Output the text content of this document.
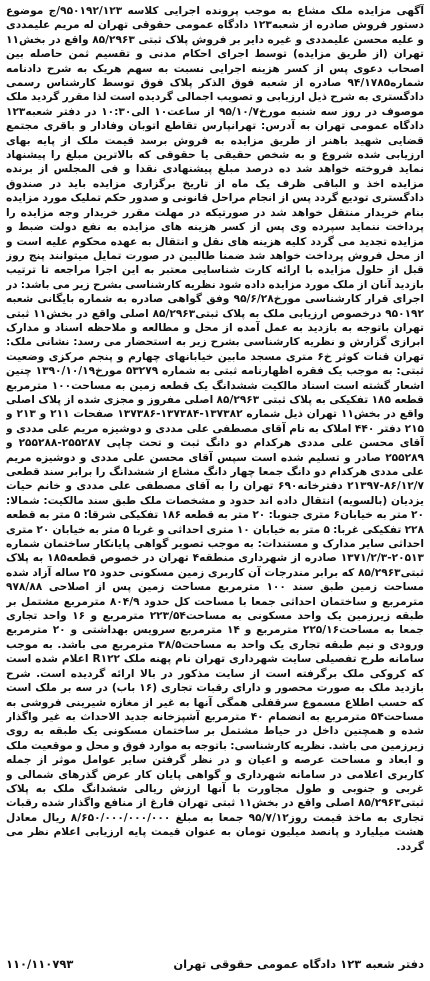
آگهی مزایده ملک مشاع به موجب پرونده اجرایی کلاسه ۹۵۰۱۹۲/۱۲۳/ج موضوع دستور فروش صادره از شعبه۱۲۳ دادگاه عمومی حقوقی تهران له مریم علیمددی و علیه محسن علیمددی و غیره دایر بر فروش پلاک ثبتی ۸۵/۲۹۶۳ واقع در بخش۱۱ تهران (از طریق مزایده) توسط اجرای احکام مدنی و تقسیم ثمن حاصله بین اصحاب دعوی پس از کسر هزینه اجرایی نسبت به سهم هریک به شرح دادنامه شماره۹۴/۱۷۸۵ صادره از شعبه فوق الذکر پلاک فوق توسط کارشناس رسمی دادگستری به شرح ذیل ارزیابی و تصویب اجمالی گردیده است لذا مقرر گردید ملک موصوف در روز سه شنبه مورخ۹۵/۱۰/۷ از ساعت۱۰ الی۱۰:۳۰ در دفتر شعبه۱۲۳ دادگاه عمومی تهران به آدرس: تهرانپارس تقاطع اتوبان وفادار و باقری مجتمع قضایی شهید باهنر از طریق مزایده به فروش برسد قیمت ملک از پایه بهای ارزیابی شده شروع و به شخص حقیقی یا حقوقی که بالاترین مبلغ را پیشنهاد نماید فروخته خواهد شد ده درصد مبلغ پیشنهادی نقدا و فی المجلس از برنده مزایده اخذ و الباقی ظرف یک ماه از تاریخ برگزاری مزایده باید در صندوق دادگستری تودیع گردد پس از انجام مراحل قانونی و صدور حکم تملیک مورد مزایده بنام خریدار منتقل خواهد شد در صورتیکه در مهلت مقرر خریدار وجه مزایده را پرداخت ننماید سپرده وی پس از کسر هزینه های مزایده به نفع دولت ضبط و مزایده تجدید می گردد کلیه هزینه های نقل و انتقال به عهده محکوم علیه است و از محل فروش پرداخت خواهد شد ضمنا طالبین در صورت تمایل میتوانند پنج روز قبل از حلول مزایده با ارائه کارت شناسایی معتبر به این اجرا مراجعه تا ترتیب بازدید آنان از ملک مورد مزایده داده شود نظریه کارشناسی بشرح زیر می باشد: در اجرای قرار کارشناسی مورخ۹۵/۶/۲۸ وفق گواهی صادره به شماره بایگانی شعبه ۹۵۰۱۹۲ درخصوص ارزیابی ملک به پلاک ثبتی۸۵/۲۹۶۳ اصلی واقع در بخش۱۱ ثبتی تهران باتوجه به بازدید به عمل آمده از محل و مطالعه و ملاحظه اسناد و مدارک ابرازی گزارش و نظریه کارشناسی بشرح زیر به استحضار می رسد: نشانی ملک: تهران قنات کوثر خ۶ متری مسجد مابین خیابانهای چهارم و پنجم مرکزی وضعیت ثبتی: به موجب یک فقره اظهارنامه ثبتی به شماره ۵۳۲۷۹ مورخ۱۳۹۰/۱۰/۱۹ چنین اشعار گشته است اسناد مالکیت ششدانگ یک قطعه زمین به مساحت۱۰۰ مترمربع قطعه ۱۸۵ تفکیکی به پلاک ثبتی ۸۵/۲۹۶۳ اصلی مفروز و مجزی شده از پلاک اصلی واقع در بخش۱۱ تهران ذیل شماره ۱۳۷۳۸۲-۱۳۷۳۸۴-۱۳۷۳۸۶ صفحات ۲۱۱ و ۲۱۳ و ۲۱۵ دفتر ۴۴۰ املاک به نام آقای مصطفی علی مددی و دوشیزه مریم علی مددی و آقای محسن علی مددی هرکدام دو دانگ ثبت و تحت چاپی ۲۵۵۲۸۷-۲۵۵۲۸۸ و ۲۵۵۲۸۹ صادر و تسلیم شده است سپس آقای محسن علی مددی و دوشیزه مریم علی مددی هرکدام دو دانگ جمعا چهار دانگ مشاع از ششدانگ را برابر سند قطعی ۸۶/۱۲/۷-۲۱۳۹۷ دفترخانه۶۹۰ تهران را به آقای مصطفی علی مددی و خانم حیات یزدیان (بالسویه) انتقال داده اند حدود و مشخصات ملک طبق سند مالکیت: شمالا: ۲۰ متر به خیابان۶ متری جنوبا: ۲۰ متر به قطعه ۱۸۶ تفکیکی شرقا: ۵ متر به قطعه ۲۲۸ تفکیکی غربا: ۵ متر به خیابان ۱۰ متری احداثی و غربا ۵ متر به خیابان ۲۰ متری احداثی سایر مدارک و مستندات: به موجب تصویر گواهی پایانکار ساختمان شماره ۲۰۵۱۳-۱۳۷۱/۲/۳ صادره از شهرداری منطقه۴ تهران در خصوص قطعه۱۸۵ به پلاک ثبتی۸۵/۲۹۶۳ که برابر مندرجات آن کاربری زمین مسکونی حدود ۲۵ ساله آزاد شده مساحت زمین طبق سند ۱۰۰ مترمربع مساحت زمین پس از اصلاحی ۹۷۸/۸۸ مترمربع و ساختمان احداثی جمعا با مساحت کل حدود ۸۰۴/۹ مترمربع مشتمل بر طبقه زیرزمین یک واحد مسکونی به مساحت۲۲۳/۵۴ مترمربع و ۱۶ واحد تجاری جمعا به مساحت۲۲۵/۱۶ مترمربع و ۱۴ مترمربع سرویس بهداشتی و ۲۰ مترمربع ورودی و نیم طبقه تجاری یک واحد به مساحت۳۸/۵ مترمربع می باشد. به موجب سامانه طرح تفصیلی سایت شهرداری تهران نام پهنه ملک R۱۲۲ اعلام شده است که کروکی ملک برگرفته است از سایت مذکور در بالا ارائه گردیده است. شرح بازدید ملک به صورت محصور و دارای رقبات تجاری (۱۶ باب) در سه بر ملک است که حسب اطلاع مسموع سرقفلی همگی آنها به غیر از مغازه شیرینی فروشی به مساحت۵۴ مترمربع به انضمام ۴۰ مترمربع آشپزخانه جدید الاحداث به غیر واگذار شده و همچنین داخل در حیاط مشتمل بر ساختمان مسکونی یک طبقه به روی زیرزمین می باشد. نظریه کارشناسی: باتوجه به موارد فوق و محل و موقعیت ملک و ابعاد و مساحت عرصه و اعیان و در نظر گرفتن سایر عوامل موثر از جمله کاربری اعلامی در سامانه شهرداری و گواهی پایان کار عرض گذرهای شمالی و غربی و جنوبی و طول مجاورت با آنها ارزش ریالی ششدانگ ملک به پلاک ثبتی۸۵/۲۹۶۳ اصلی واقع در بخش۱۱ ثبتی تهران فارغ از منافع واگذار شده رقبات تجاری به ماخذ قیمت روز۹۵/۷/۱۲ جمعا به مبلغ ۸/۶۵۰/۰۰۰/۰۰۰/۰۰۰ ریال معادل هشت میلیارد و پانصد میلیون تومان به عنوان قیمت پایه ارزیابی اعلام نظر می گردد.

دفتر شعبه ۱۲۳ دادگاه عمومی حقوقی تهران
۱۱۰/۱۱۰۷۹۳
